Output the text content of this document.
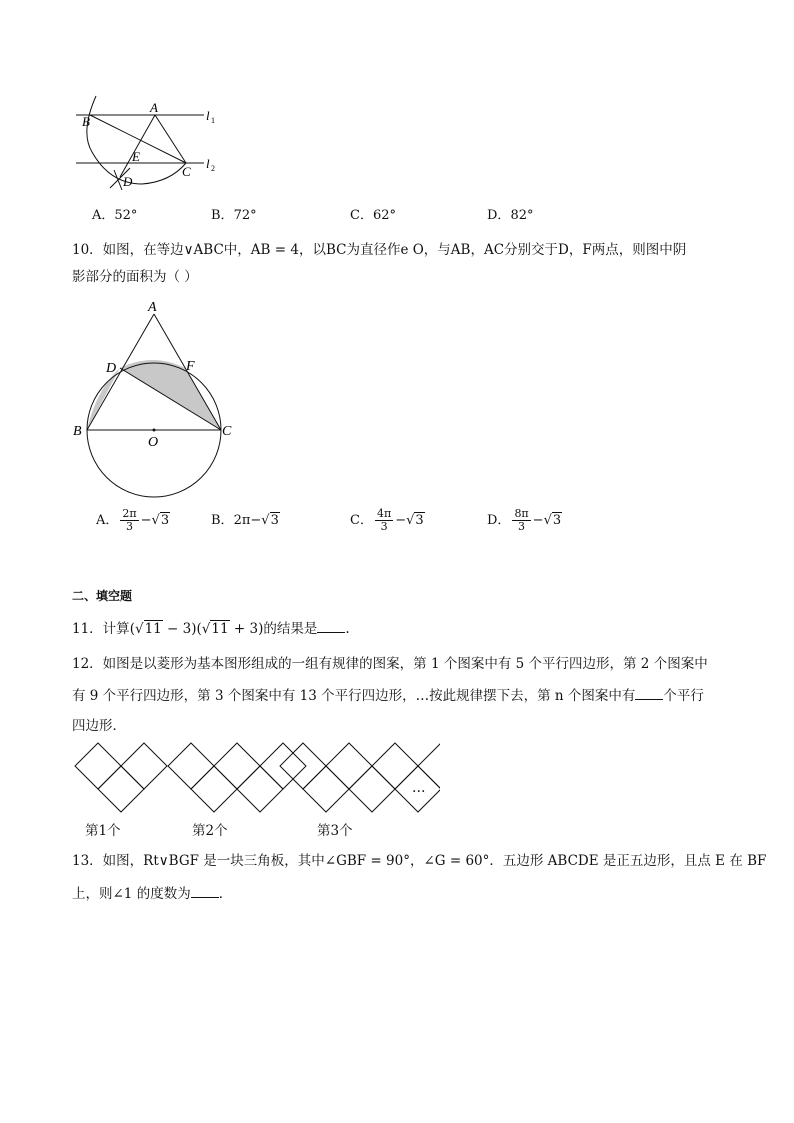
A
B
E
C
D
l 1
l 2
A．52°	B．72°	C．62°	D．82°
10．如图，在等边∨ABC中，AB = 4，以BC为直径作e O，与AB，AC分别交于D，F两点，则图中阴
影部分的面积为（ ）
A
D	F
B	C
O
A． $\frac{2\pi}{3} -√3$	B．2π−√3	C． $\frac{4\pi}{3} -√3$	D． $\frac{8\pi}{3} -√3$
二、填空题
11．计算(√11 − 3)(√11 + 3)的结果是 .
12．如图是以菱形为基本图形组成的一组有规律的图案，第 1 个图案中有 5 个平行四边形，第 2 个图案中
有 9 个平行四边形，第 3 个图案中有 13 个平行四边形，…按此规律摆下去，第 n 个图案中有 个平行
四边形．
第1个	第2个	第3个
…
13．如图，Rt∨BGF 是一块三角板，其中∠GBF = 90°，∠G = 60°．五边形 ABCDE 是正五边形，且点 E 在 BF
上，则∠1 的度数为 ．
